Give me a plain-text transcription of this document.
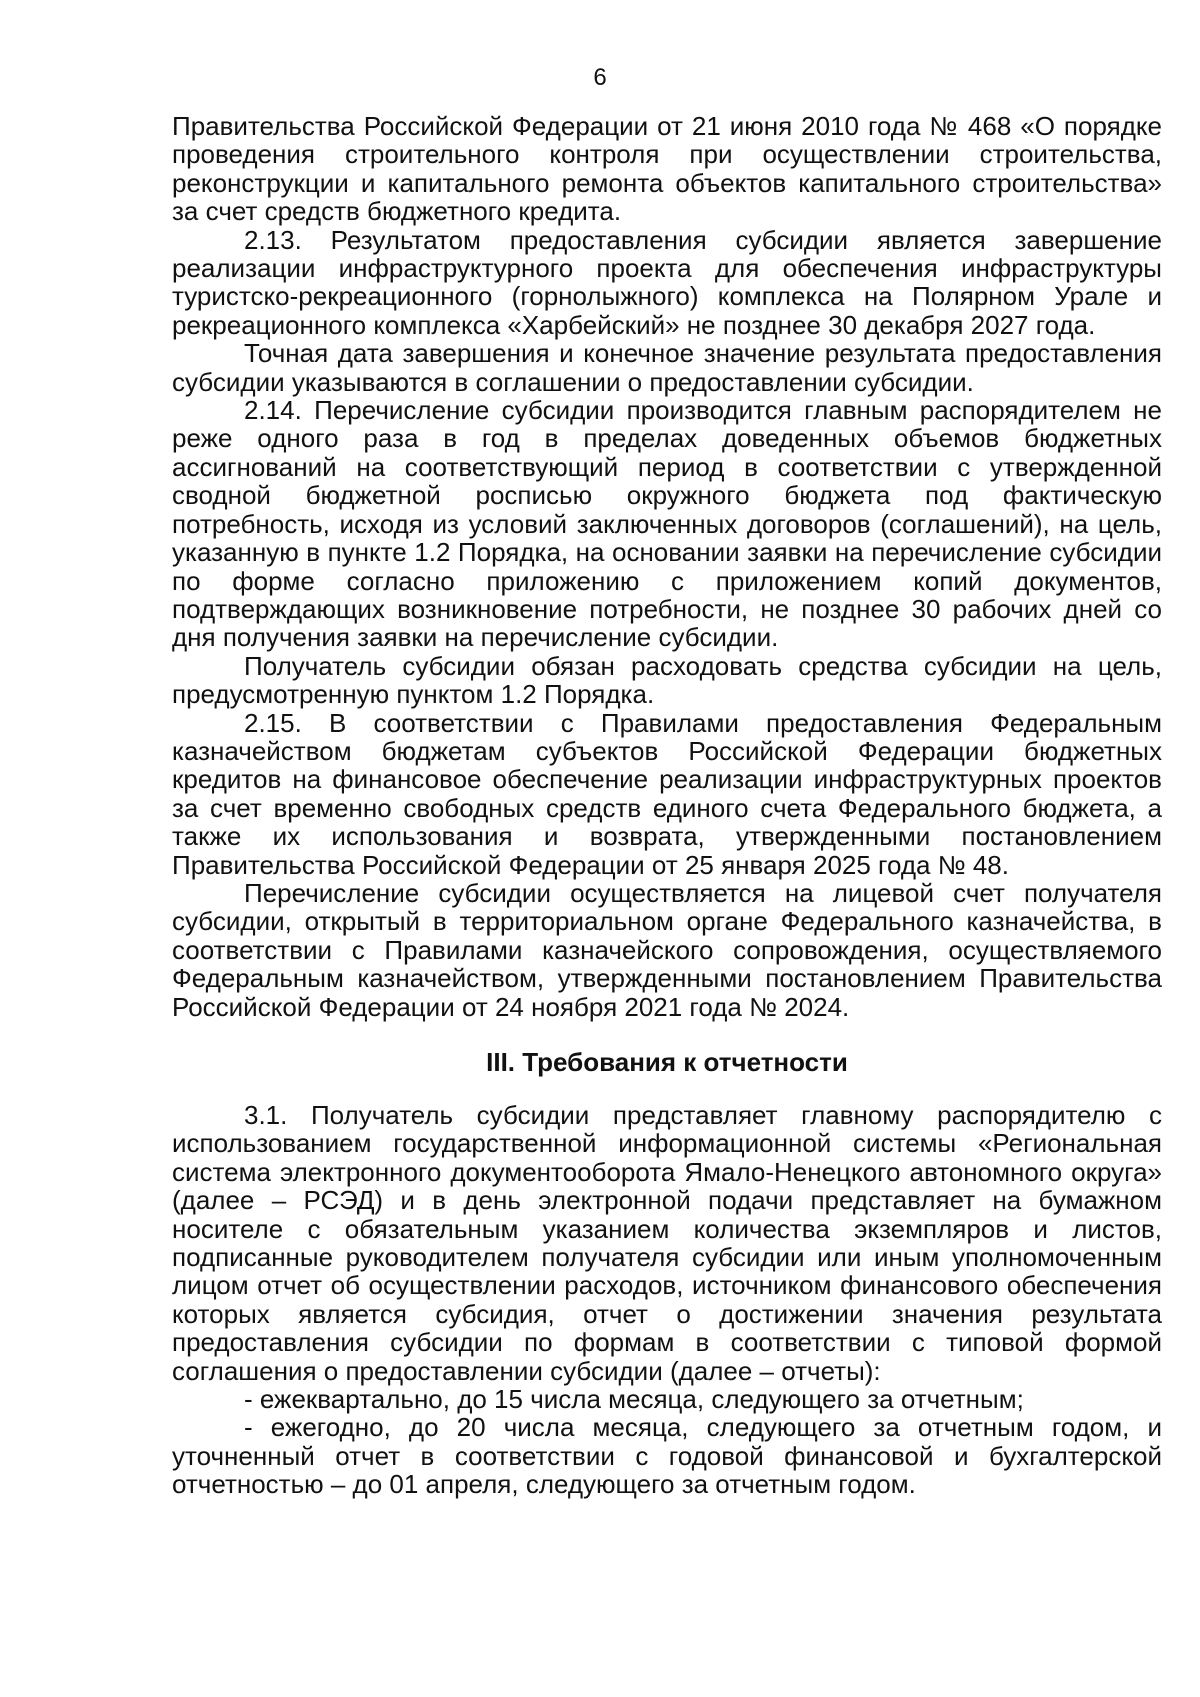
6

Правительства Российской Федерации от 21 июня 2010 года № 468 «О порядке проведения строительного контроля при осуществлении строительства, реконструкции и капитального ремонта объектов капитального строительства» за счет средств бюджетного кредита.

2.13. Результатом предоставления субсидии является завершение реализации инфраструктурного проекта для обеспечения инфраструктуры туристско-рекреационного (горнолыжного) комплекса на Полярном Урале и рекреационного комплекса «Харбейский» не позднее 30 декабря 2027 года.

Точная дата завершения и конечное значение результата предоставления субсидии указываются в соглашении о предоставлении субсидии.

2.14. Перечисление субсидии производится главным распорядителем не реже одного раза в год в пределах доведенных объемов бюджетных ассигнований на соответствующий период в соответствии с утвержденной сводной бюджетной росписью окружного бюджета под фактическую потребность, исходя из условий заключенных договоров (соглашений), на цель, указанную в пункте 1.2 Порядка, на основании заявки на перечисление субсидии по форме согласно приложению с приложением копий документов, подтверждающих возникновение потребности, не позднее 30 рабочих дней со дня получения заявки на перечисление субсидии.

Получатель субсидии обязан расходовать средства субсидии на цель, предусмотренную пунктом 1.2 Порядка.

2.15. В соответствии с Правилами предоставления Федеральным казначейством бюджетам субъектов Российской Федерации бюджетных кредитов на финансовое обеспечение реализации инфраструктурных проектов за счет временно свободных средств единого счета Федерального бюджета, а также их использования и возврата, утвержденными постановлением Правительства Российской Федерации от 25 января 2025 года № 48.

Перечисление субсидии осуществляется на лицевой счет получателя субсидии, открытый в территориальном органе Федерального казначейства, в соответствии с Правилами казначейского сопровождения, осуществляемого Федеральным казначейством, утвержденными постановлением Правительства Российской Федерации от 24 ноября 2021 года № 2024.

III. Требования к отчетности

3.1. Получатель субсидии представляет главному распорядителю с использованием государственной информационной системы «Региональная система электронного документооборота Ямало-Ненецкого автономного округа» (далее – РСЭД) и в день электронной подачи представляет на бумажном носителе с обязательным указанием количества экземпляров и листов, подписанные руководителем получателя субсидии или иным уполномоченным лицом отчет об осуществлении расходов, источником финансового обеспечения которых является субсидия, отчет о достижении значения результата предоставления субсидии по формам в соответствии с типовой формой соглашения о предоставлении субсидии (далее – отчеты):

- ежеквартально, до 15 числа месяца, следующего за отчетным;

- ежегодно, до 20 числа месяца, следующего за отчетным годом, и уточненный отчет в соответствии с годовой финансовой и бухгалтерской отчетностью – до 01 апреля, следующего за отчетным годом.
